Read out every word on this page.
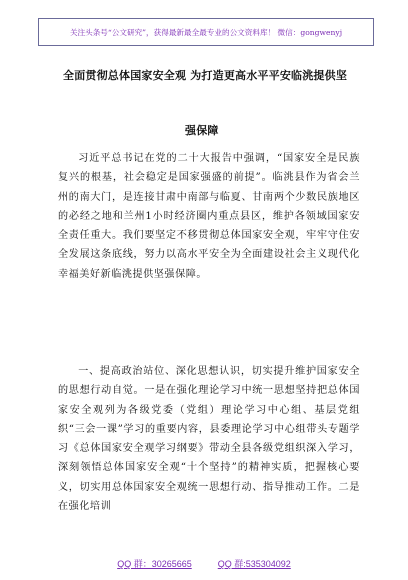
关注头条号“公文研究”，获得最新最全最专业的公文资料库！ 微信：gongwenyj
全面贯彻总体国家安全观 为打造更高水平平安临洮提供坚
强保障
习近平总书记在党的二十大报告中强调，“国家安全是民族复兴的根基，社会稳定是国家强盛的前提”。临洮县作为省会兰州的南大门，是连接甘肃中南部与临夏、甘南两个少数民族地区的必经之地和兰州1小时经济圈内重点县区，维护各领域国家安全责任重大。我们要坚定不移贯彻总体国家安全观，牢牢守住安全发展这条底线，努力以高水平安全为全面建设社会主义现代化幸福美好新临洮提供坚强保障。
一、提高政治站位、深化思想认识，切实提升维护国家安全的思想行动自觉。一是在强化理论学习中统一思想坚持把总体国家安全观列为各级党委（党组）理论学习中心组、基层党组织“三会一课”学习的重要内容，县委理论学习中心组带头专题学习《总体国家安全观学习纲要》带动全县各级党组织深入学习，深刻领悟总体国家安全观“十个坚持”的精神实质，把握核心要义，切实用总体国家安全观统一思想行动、指导推动工作。二是在强化培训
QQ 群：30265665	QQ 群:535304092
